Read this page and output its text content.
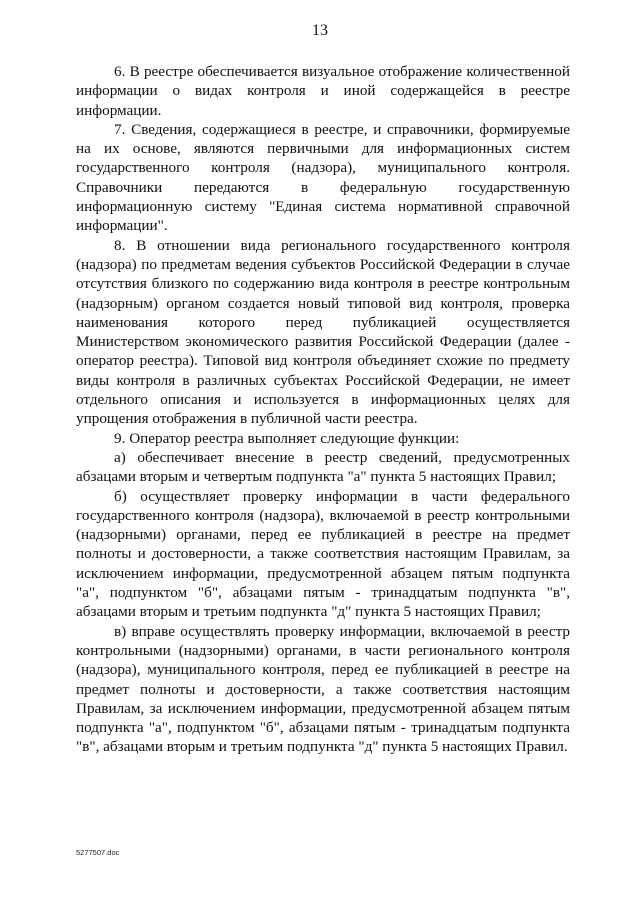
13

6. В реестре обеспечивается визуальное отображение количественной информации о видах контроля и иной содержащейся в реестре информации.

7. Сведения, содержащиеся в реестре, и справочники, формируемые на их основе, являются первичными для информационных систем государственного контроля (надзора), муниципального контроля. Справочники передаются в федеральную государственную информационную систему "Единая система нормативной справочной информации".

8. В отношении вида регионального государственного контроля (надзора) по предметам ведения субъектов Российской Федерации в случае отсутствия близкого по содержанию вида контроля в реестре контрольным (надзорным) органом создается новый типовой вид контроля, проверка наименования которого перед публикацией осуществляется Министерством экономического развития Российской Федерации (далее - оператор реестра). Типовой вид контроля объединяет схожие по предмету виды контроля в различных субъектах Российской Федерации, не имеет отдельного описания и используется в информационных целях для упрощения отображения в публичной части реестра.

9. Оператор реестра выполняет следующие функции:

а) обеспечивает внесение в реестр сведений, предусмотренных абзацами вторым и четвертым подпункта "а" пункта 5 настоящих Правил;

б) осуществляет проверку информации в части федерального государственного контроля (надзора), включаемой в реестр контрольными (надзорными) органами, перед ее публикацией в реестре на предмет полноты и достоверности, а также соответствия настоящим Правилам, за исключением информации, предусмотренной абзацем пятым подпункта "а", подпунктом "б", абзацами пятым - тринадцатым подпункта "в", абзацами вторым и третьим подпункта "д" пункта 5 настоящих Правил;

в) вправе осуществлять проверку информации, включаемой в реестр контрольными (надзорными) органами, в части регионального контроля (надзора), муниципального контроля, перед ее публикацией в реестре на предмет полноты и достоверности, а также соответствия настоящим Правилам, за исключением информации, предусмотренной абзацем пятым подпункта "а", подпунктом "б", абзацами пятым - тринадцатым подпункта "в", абзацами вторым и третьим подпункта "д" пункта 5 настоящих Правил.

5277507.doc
